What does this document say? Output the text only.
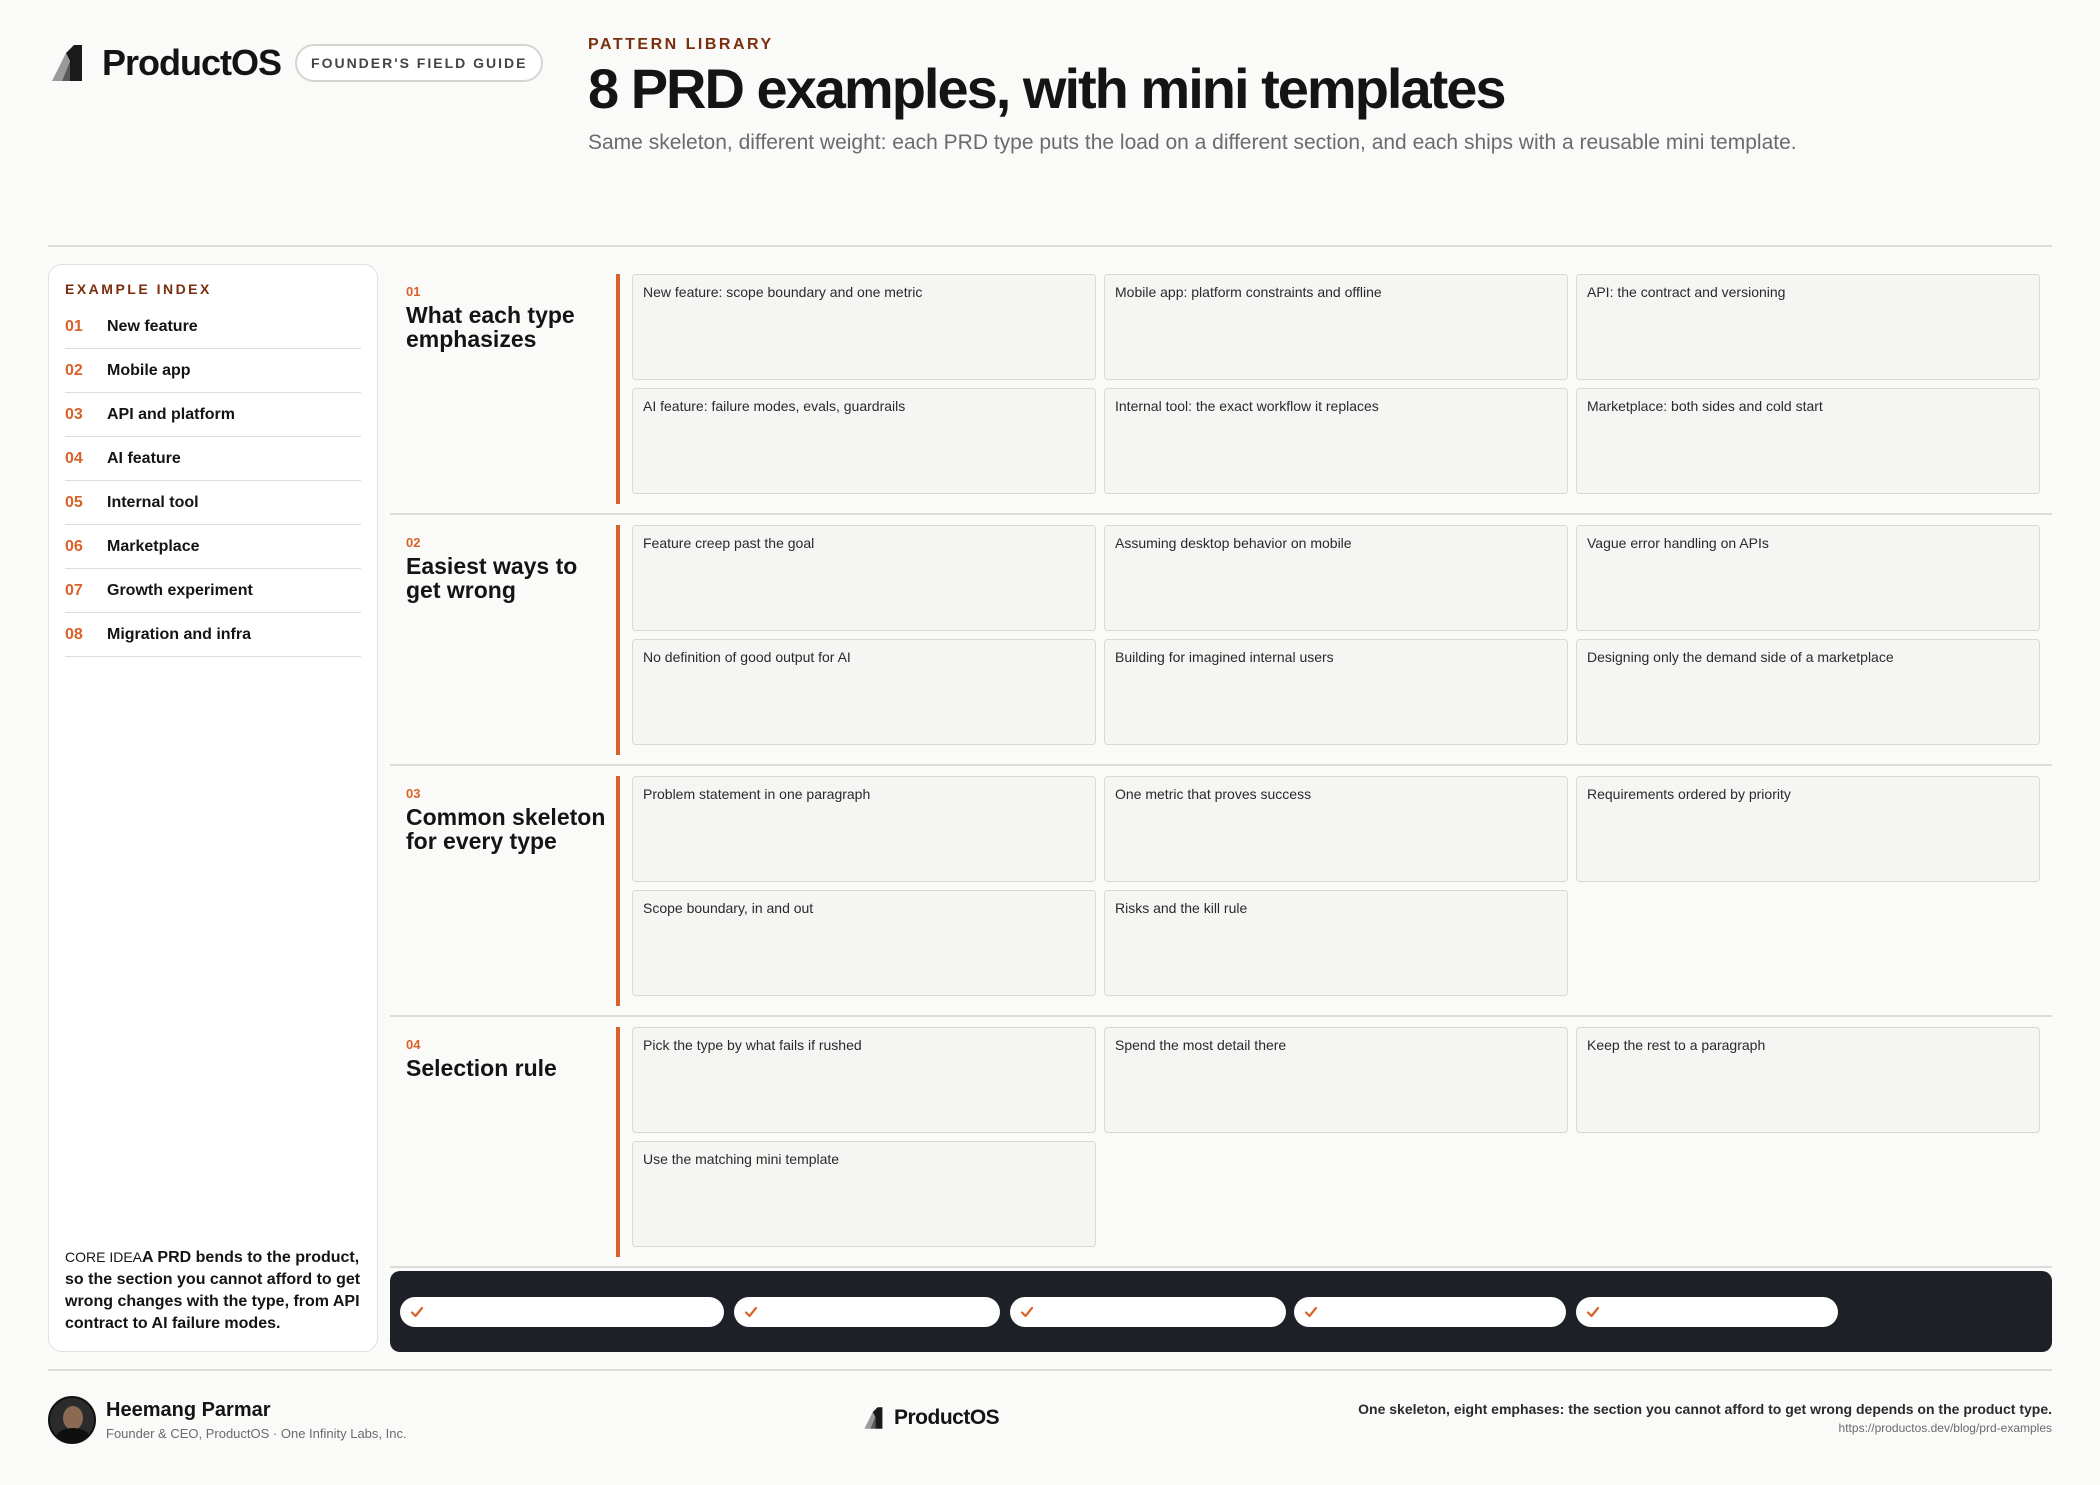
ProductOS	FOUNDER'S FIELD GUIDE
PATTERN LIBRARY
8 PRD examples, with mini templates
Same skeleton, different weight: each PRD type puts the load on a different section, and each ships with a reusable mini template.
EXAMPLE INDEX
01	New feature
02	Mobile app
03	API and platform
04	AI feature
05	Internal tool
06	Marketplace
07	Growth experiment
08	Migration and infra
CORE IDEAA PRD bends to the product, so the section you cannot afford to get wrong changes with the type, from API contract to AI failure modes.
01
What each type emphasizes
New feature: scope boundary and one metric	Mobile app: platform constraints and offline	API: the contract and versioning
AI feature: failure modes, evals, guardrails	Internal tool: the exact workflow it replaces	Marketplace: both sides and cold start
02
Easiest ways to get wrong
Feature creep past the goal	Assuming desktop behavior on mobile	Vague error handling on APIs
No definition of good output for AI	Building for imagined internal users	Designing only the demand side of a marketplace
03
Common skeleton for every type
Problem statement in one paragraph	One metric that proves success	Requirements ordered by priority
Scope boundary, in and out	Risks and the kill rule
04
Selection rule
Pick the type by what fails if rushed	Spend the most detail there	Keep the rest to a paragraph
Use the matching mini template
Heemang Parmar
Founder & CEO, ProductOS · One Infinity Labs, Inc.
ProductOS	One skeleton, eight emphases: the section you cannot afford to get wrong depends on the product type.
https://productos.dev/blog/prd-examples
